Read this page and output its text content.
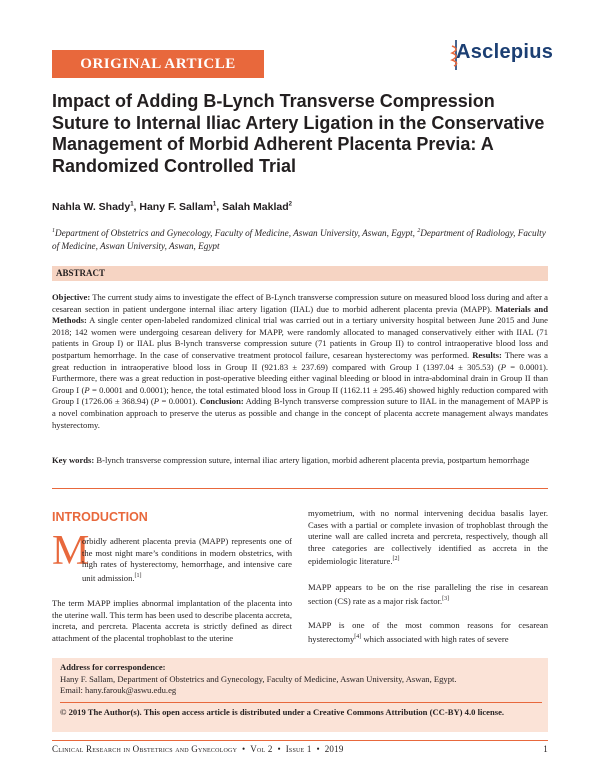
ORIGINAL ARTICLE
Asclepius
Impact of Adding B-Lynch Transverse Compression Suture to Internal Iliac Artery Ligation in the Conservative Management of Morbid Adherent Placenta Previa: A Randomized Controlled Trial
Nahla W. Shady$^1$, Hany F. Sallam$^1$, Salah Maklad$^2$
$^1$Department of Obstetrics and Gynecology, Faculty of Medicine, Aswan University, Aswan, Egypt, $^2$Department of Radiology, Faculty of Medicine, Aswan University, Aswan, Egypt
ABSTRACT
Objective: The current study aims to investigate the effect of B-Lynch transverse compression suture on measured blood loss during and after a cesarean section in patient undergone internal iliac artery ligation (IIAL) due to morbid adherent placenta previa (MAPP). Materials and Methods: A single center open-labeled randomized clinical trial was carried out in a tertiary university hospital between June 2015 and June 2018; 142 women were undergoing cesarean delivery for MAPP, were randomly allocated to managed conservatively either with IIAL (71 patients in Group I) or IIAL plus B-lynch transverse compression suture (71 patients in Group II) to control intraoperative blood loss and postpartum hemorrhage. In the case of conservative treatment protocol failure, cesarean hysterectomy was performed. Results: There was a great reduction in intraoperative blood loss in Group II (921.83 ± 237.69) compared with Group I (1397.04 ± 305.53) (P = 0.0001). Furthermore, there was a great reduction in post-operative bleeding either vaginal bleeding or blood in intra-abdominal drain in Group II than Group I (P = 0.0001 and 0.0001); hence, the total estimated blood loss in Group II (1162.11 ± 295.46) showed highly reduction compared with Group I (1726.06 ± 368.94) (P = 0.0001). Conclusion: Adding B-lynch transverse compression suture to IIAL in the management of MAPP is a novel combination approach to preserve the uterus as possible and change in the concept of placenta accrete management always mandates hysterectomy.
Key words: B-lynch transverse compression suture, internal iliac artery ligation, morbid adherent placenta previa, postpartum hemorrhage
INTRODUCTION
M
orbidly adherent placenta previa (MAPP) represents one of the most night mare’s conditions in modern obstetrics, with high rates of hysterectomy, hemorrhage, and intensive care unit admission.[1]
The term MAPP implies abnormal implantation of the placenta into the uterine wall. This term has been used to describe placenta accreta, increta, and percreta. Placenta accreta is strictly defined as direct attachment of the placental trophoblast to the uterine
myometrium, with no normal intervening decidua basalis layer. Cases with a partial or complete invasion of trophoblast through the uterine wall are called increta and percreta, respectively, though all three categories are collectively identified as accreta in the epidemiologic literature.[2]
MAPP appears to be on the rise paralleling the rise in cesarean section (CS) rate as a major risk factor.[3]
MAPP is one of the most common reasons for cesarean hysterectomy[4] which associated with high rates of severe
Address for correspondence:
Hany F. Sallam, Department of Obstetrics and Gynecology, Faculty of Medicine, Aswan University, Aswan, Egypt.
Email: hany.farouk@aswu.edu.eg
© 2019 The Author(s). This open access article is distributed under a Creative Commons Attribution (CC-BY) 4.0 license.
Clinical Research in Obstetrics and Gynecology  •  Vol 2  •  Issue 1  •  2019	1
